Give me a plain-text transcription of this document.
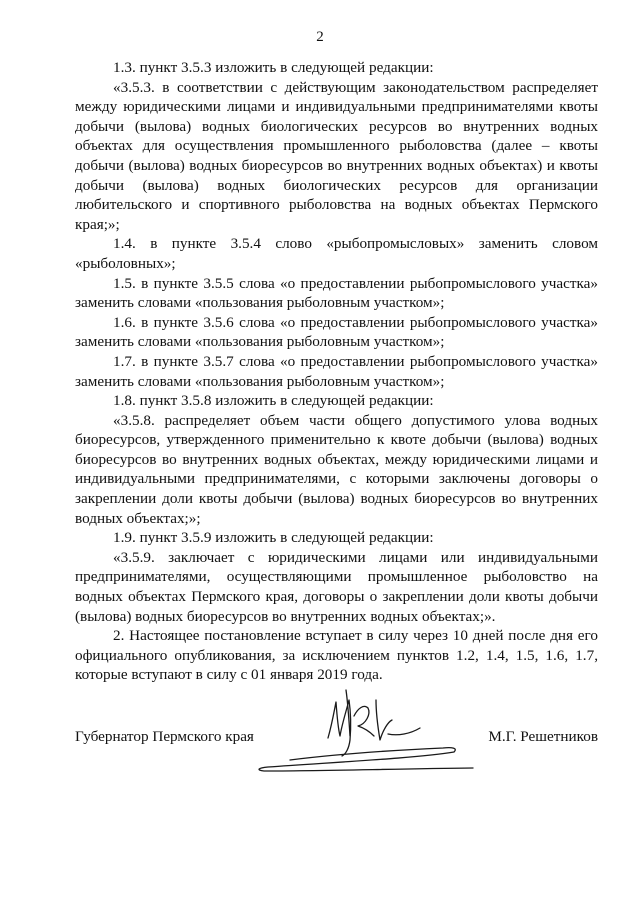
2

1.3. пункт 3.5.3 изложить в следующей редакции:

«3.5.3. в соответствии с действующим законодательством распределяет между юридическими лицами и индивидуальными предпринимателями квоты добычи (вылова) водных биологических ресурсов во внутренних водных объектах для осуществления промышленного рыболовства (далее – квоты добычи (вылова) водных биоресурсов во внутренних водных объектах) и квоты добычи (вылова) водных биологических ресурсов для организации любительского и спортивного рыболовства на водных объектах Пермского края;»;

1.4. в пункте 3.5.4 слово «рыбопромысловых» заменить словом «рыболовных»;

1.5. в пункте 3.5.5 слова «о предоставлении рыбопромыслового участка» заменить словами «пользования рыболовным участком»;

1.6. в пункте 3.5.6 слова «о предоставлении рыбопромыслового участка» заменить словами «пользования рыболовным участком»;

1.7. в пункте 3.5.7 слова «о предоставлении рыбопромыслового участка» заменить словами «пользования рыболовным участком»;

1.8. пункт 3.5.8 изложить в следующей редакции:

«3.5.8. распределяет объем части общего допустимого улова водных биоресурсов, утвержденного применительно к квоте добычи (вылова) водных биоресурсов во внутренних водных объектах, между юридическими лицами и индивидуальными предпринимателями, с которыми заключены договоры о закреплении доли квоты добычи (вылова) водных биоресурсов во внутренних водных объектах;»;

1.9. пункт 3.5.9 изложить в следующей редакции:

«3.5.9. заключает с юридическими лицами или индивидуальными предпринимателями, осуществляющими промышленное рыболовство на водных объектах Пермского края, договоры о закреплении доли квоты добычи (вылова) водных биоресурсов во внутренних водных объектах;».

2. Настоящее постановление вступает в силу через 10 дней после дня его официального опубликования, за исключением пунктов 1.2, 1.4, 1.5, 1.6, 1.7, которые вступают в силу с 01 января 2019 года.

Губернатор Пермского края	М.Г. Решетников
